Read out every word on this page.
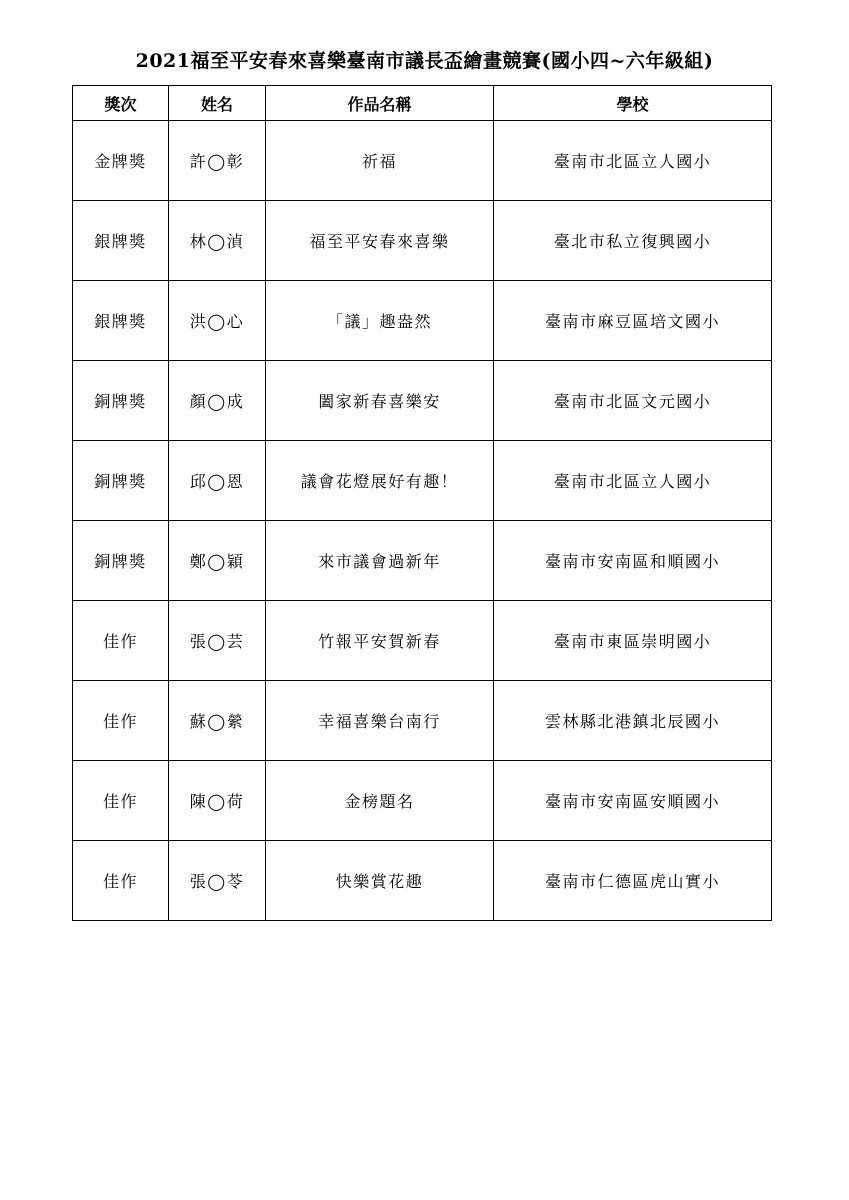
2021福至平安春來喜樂臺南市議長盃繪畫競賽(國小四~六年級組)
獎次	姓名	作品名稱	學校
金牌獎	許◯彰	祈福	臺南市北區立人國小
銀牌獎	林◯湞	福至平安春來喜樂	臺北市私立復興國小
銀牌獎	洪◯心	「議」趣盎然	臺南市麻豆區培文國小
銅牌獎	顏◯成	闔家新春喜樂安	臺南市北區文元國小
銅牌獎	邱◯恩	議會花燈展好有趣！	臺南市北區立人國小
銅牌獎	鄭◯穎	來市議會過新年	臺南市安南區和順國小
佳作	張◯芸	竹報平安賀新春	臺南市東區崇明國小
佳作	蘇◯縈	幸福喜樂台南行	雲林縣北港鎮北辰國小
佳作	陳◯荷	金榜題名	臺南市安南區安順國小
佳作	張◯苓	快樂賞花趣	臺南市仁德區虎山實小
